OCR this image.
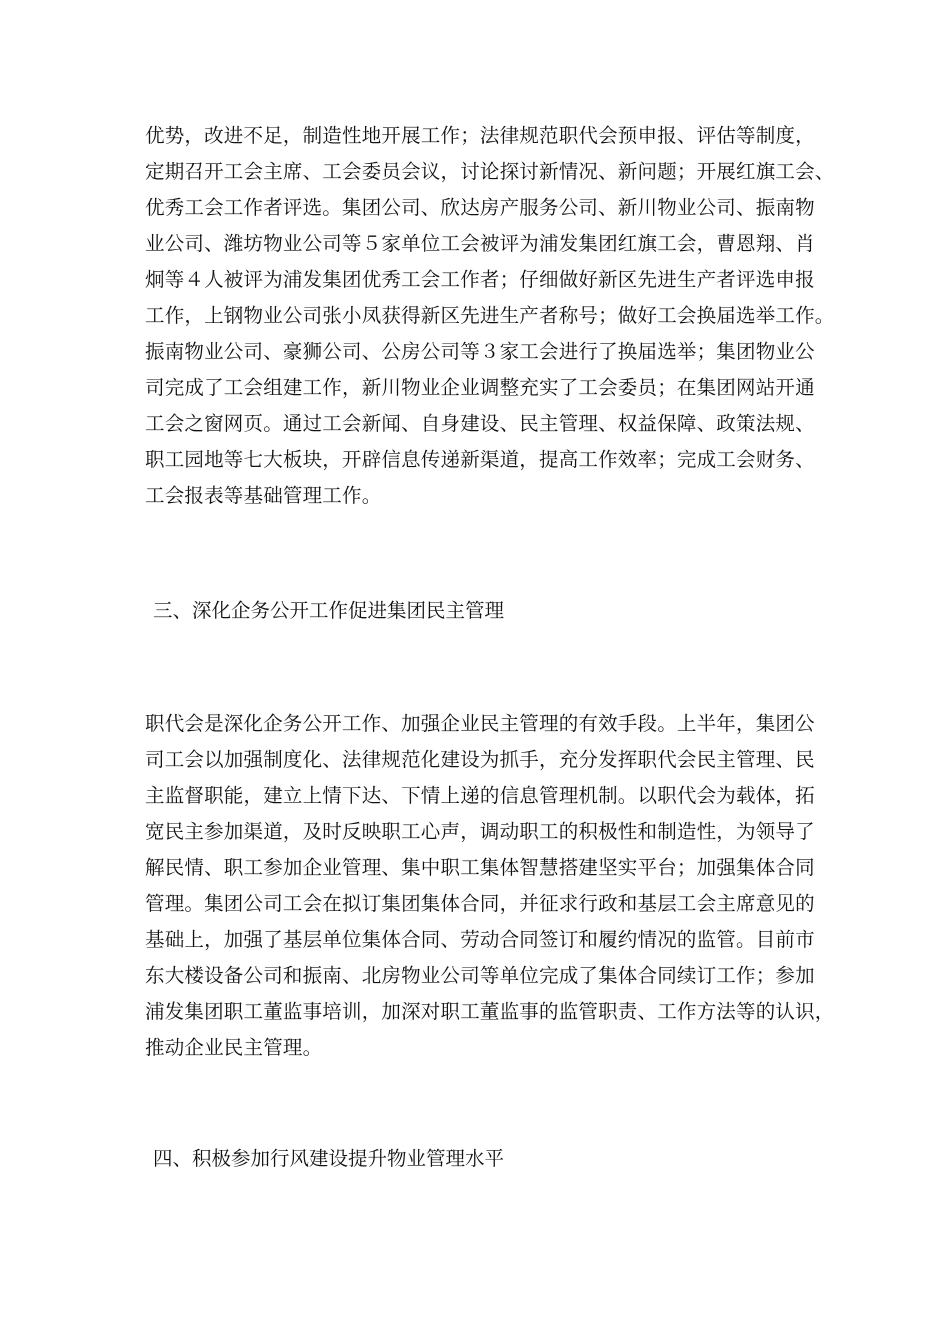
优势，改进不足，制造性地开展工作；法律规范职代会预申报、评估等制度，
定期召开工会主席、工会委员会议，讨论探讨新情况、新问题；开展红旗工会、
优秀工会工作者评选。集团公司、欣达房产服务公司、新川物业公司、振南物
业公司、潍坊物业公司等５家单位工会被评为浦发集团红旗工会，曹恩翔、肖
炯等４人被评为浦发集团优秀工会工作者；仔细做好新区先进生产者评选申报
工作，上钢物业公司张小凤获得新区先进生产者称号；做好工会换届选举工作。
振南物业公司、豪狮公司、公房公司等３家工会进行了换届选举；集团物业公
司完成了工会组建工作，新川物业企业调整充实了工会委员；在集团网站开通
工会之窗网页。通过工会新闻、自身建设、民主管理、权益保障、政策法规、
职工园地等七大板块，开辟信息传递新渠道，提高工作效率；完成工会财务、
工会报表等基础管理工作。
三、深化企务公开工作促进集团民主管理
职代会是深化企务公开工作、加强企业民主管理的有效手段。上半年，集团公
司工会以加强制度化、法律规范化建设为抓手，充分发挥职代会民主管理、民
主监督职能，建立上情下达、下情上递的信息管理机制。以职代会为载体，拓
宽民主参加渠道，及时反映职工心声，调动职工的积极性和制造性，为领导了
解民情、职工参加企业管理、集中职工集体智慧搭建坚实平台；加强集体合同
管理。集团公司工会在拟订集团集体合同，并征求行政和基层工会主席意见的
基础上，加强了基层单位集体合同、劳动合同签订和履约情况的监管。目前市
东大楼设备公司和振南、北房物业公司等单位完成了集体合同续订工作；参加
浦发集团职工董监事培训，加深对职工董监事的监管职责、工作方法等的认识，
推动企业民主管理。
四、积极参加行风建设提升物业管理水平
